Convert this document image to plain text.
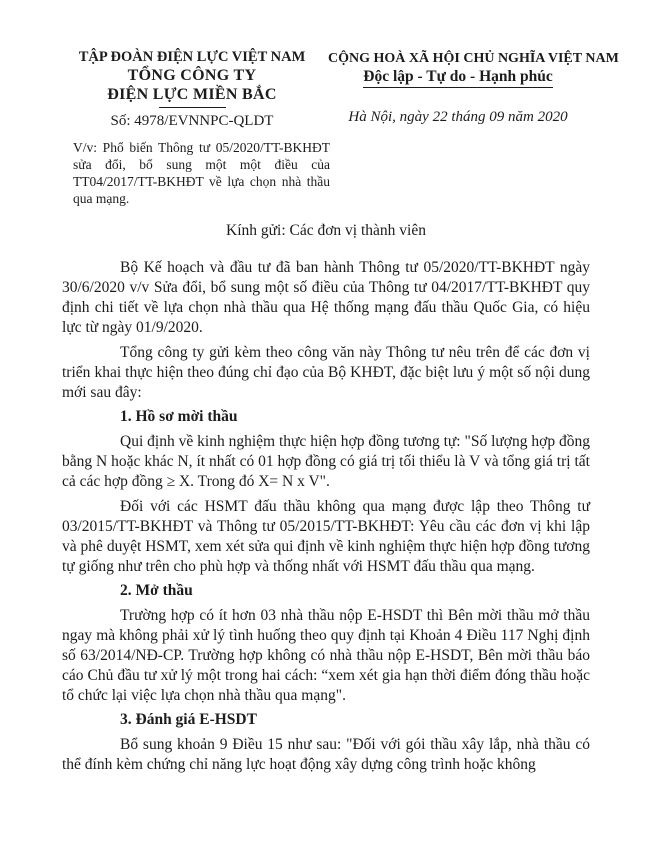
TẬP ĐOÀN ĐIỆN LỰC VIỆT NAM
TỔNG CÔNG TY
ĐIỆN LỰC MIỀN BẮC
Số: 4978/EVNNPC-QLDT
CỘNG HOÀ XÃ HỘI CHỦ NGHĨA VIỆT NAM
Độc lập - Tự do - Hạnh phúc
Hà Nội, ngày 22 tháng 09 năm 2020
V/v: Phổ biến Thông tư 05/2020/TT-BKHĐT sửa đổi, bổ sung một một điều của TT04/2017/TT-BKHĐT về lựa chọn nhà thầu qua mạng.
Kính gửi: Các đơn vị thành viên
Bộ Kế hoạch và đầu tư đã ban hành Thông tư 05/2020/TT-BKHĐT ngày 30/6/2020 v/v Sửa đổi, bổ sung một số điều của Thông tư 04/2017/TT-BKHĐT quy định chi tiết về lựa chọn nhà thầu qua Hệ thống mạng đấu thầu Quốc Gia, có hiệu lực từ ngày 01/9/2020.
Tổng công ty gửi kèm theo công văn này Thông tư nêu trên để các đơn vị triển khai thực hiện theo đúng chỉ đạo của Bộ KHĐT, đặc biệt lưu ý một số nội dung mới sau đây:
1. Hồ sơ mời thầu
Qui định về kinh nghiệm thực hiện hợp đồng tương tự: "Số lượng hợp đồng bằng N hoặc khác N, ít nhất có 01 hợp đồng có giá trị tối thiểu là V và tổng giá trị tất cả các hợp đồng ≥ X. Trong đó X= N x V".
Đối với các HSMT đấu thầu không qua mạng được lập theo Thông tư 03/2015/TT-BKHĐT và Thông tư 05/2015/TT-BKHĐT: Yêu cầu các đơn vị khi lập và phê duyệt HSMT, xem xét sửa qui định về kinh nghiệm thực hiện hợp đồng tương tự giống như trên cho phù hợp và thống nhất với HSMT đấu thầu qua mạng.
2. Mở thầu
Trường hợp có ít hơn 03 nhà thầu nộp E-HSDT thì Bên mời thầu mở thầu ngay mà không phải xử lý tình huống theo quy định tại Khoản 4 Điều 117 Nghị định số 63/2014/NĐ-CP. Trường hợp không có nhà thầu nộp E-HSDT, Bên mời thầu báo cáo Chủ đầu tư xử lý một trong hai cách: “xem xét gia hạn thời điểm đóng thầu hoặc tổ chức lại việc lựa chọn nhà thầu qua mạng".
3. Đánh giá E-HSDT
Bổ sung khoản 9 Điều 15 như sau: "Đối với gói thầu xây lắp, nhà thầu có thể đính kèm chứng chỉ năng lực hoạt động xây dựng công trình hoặc không
